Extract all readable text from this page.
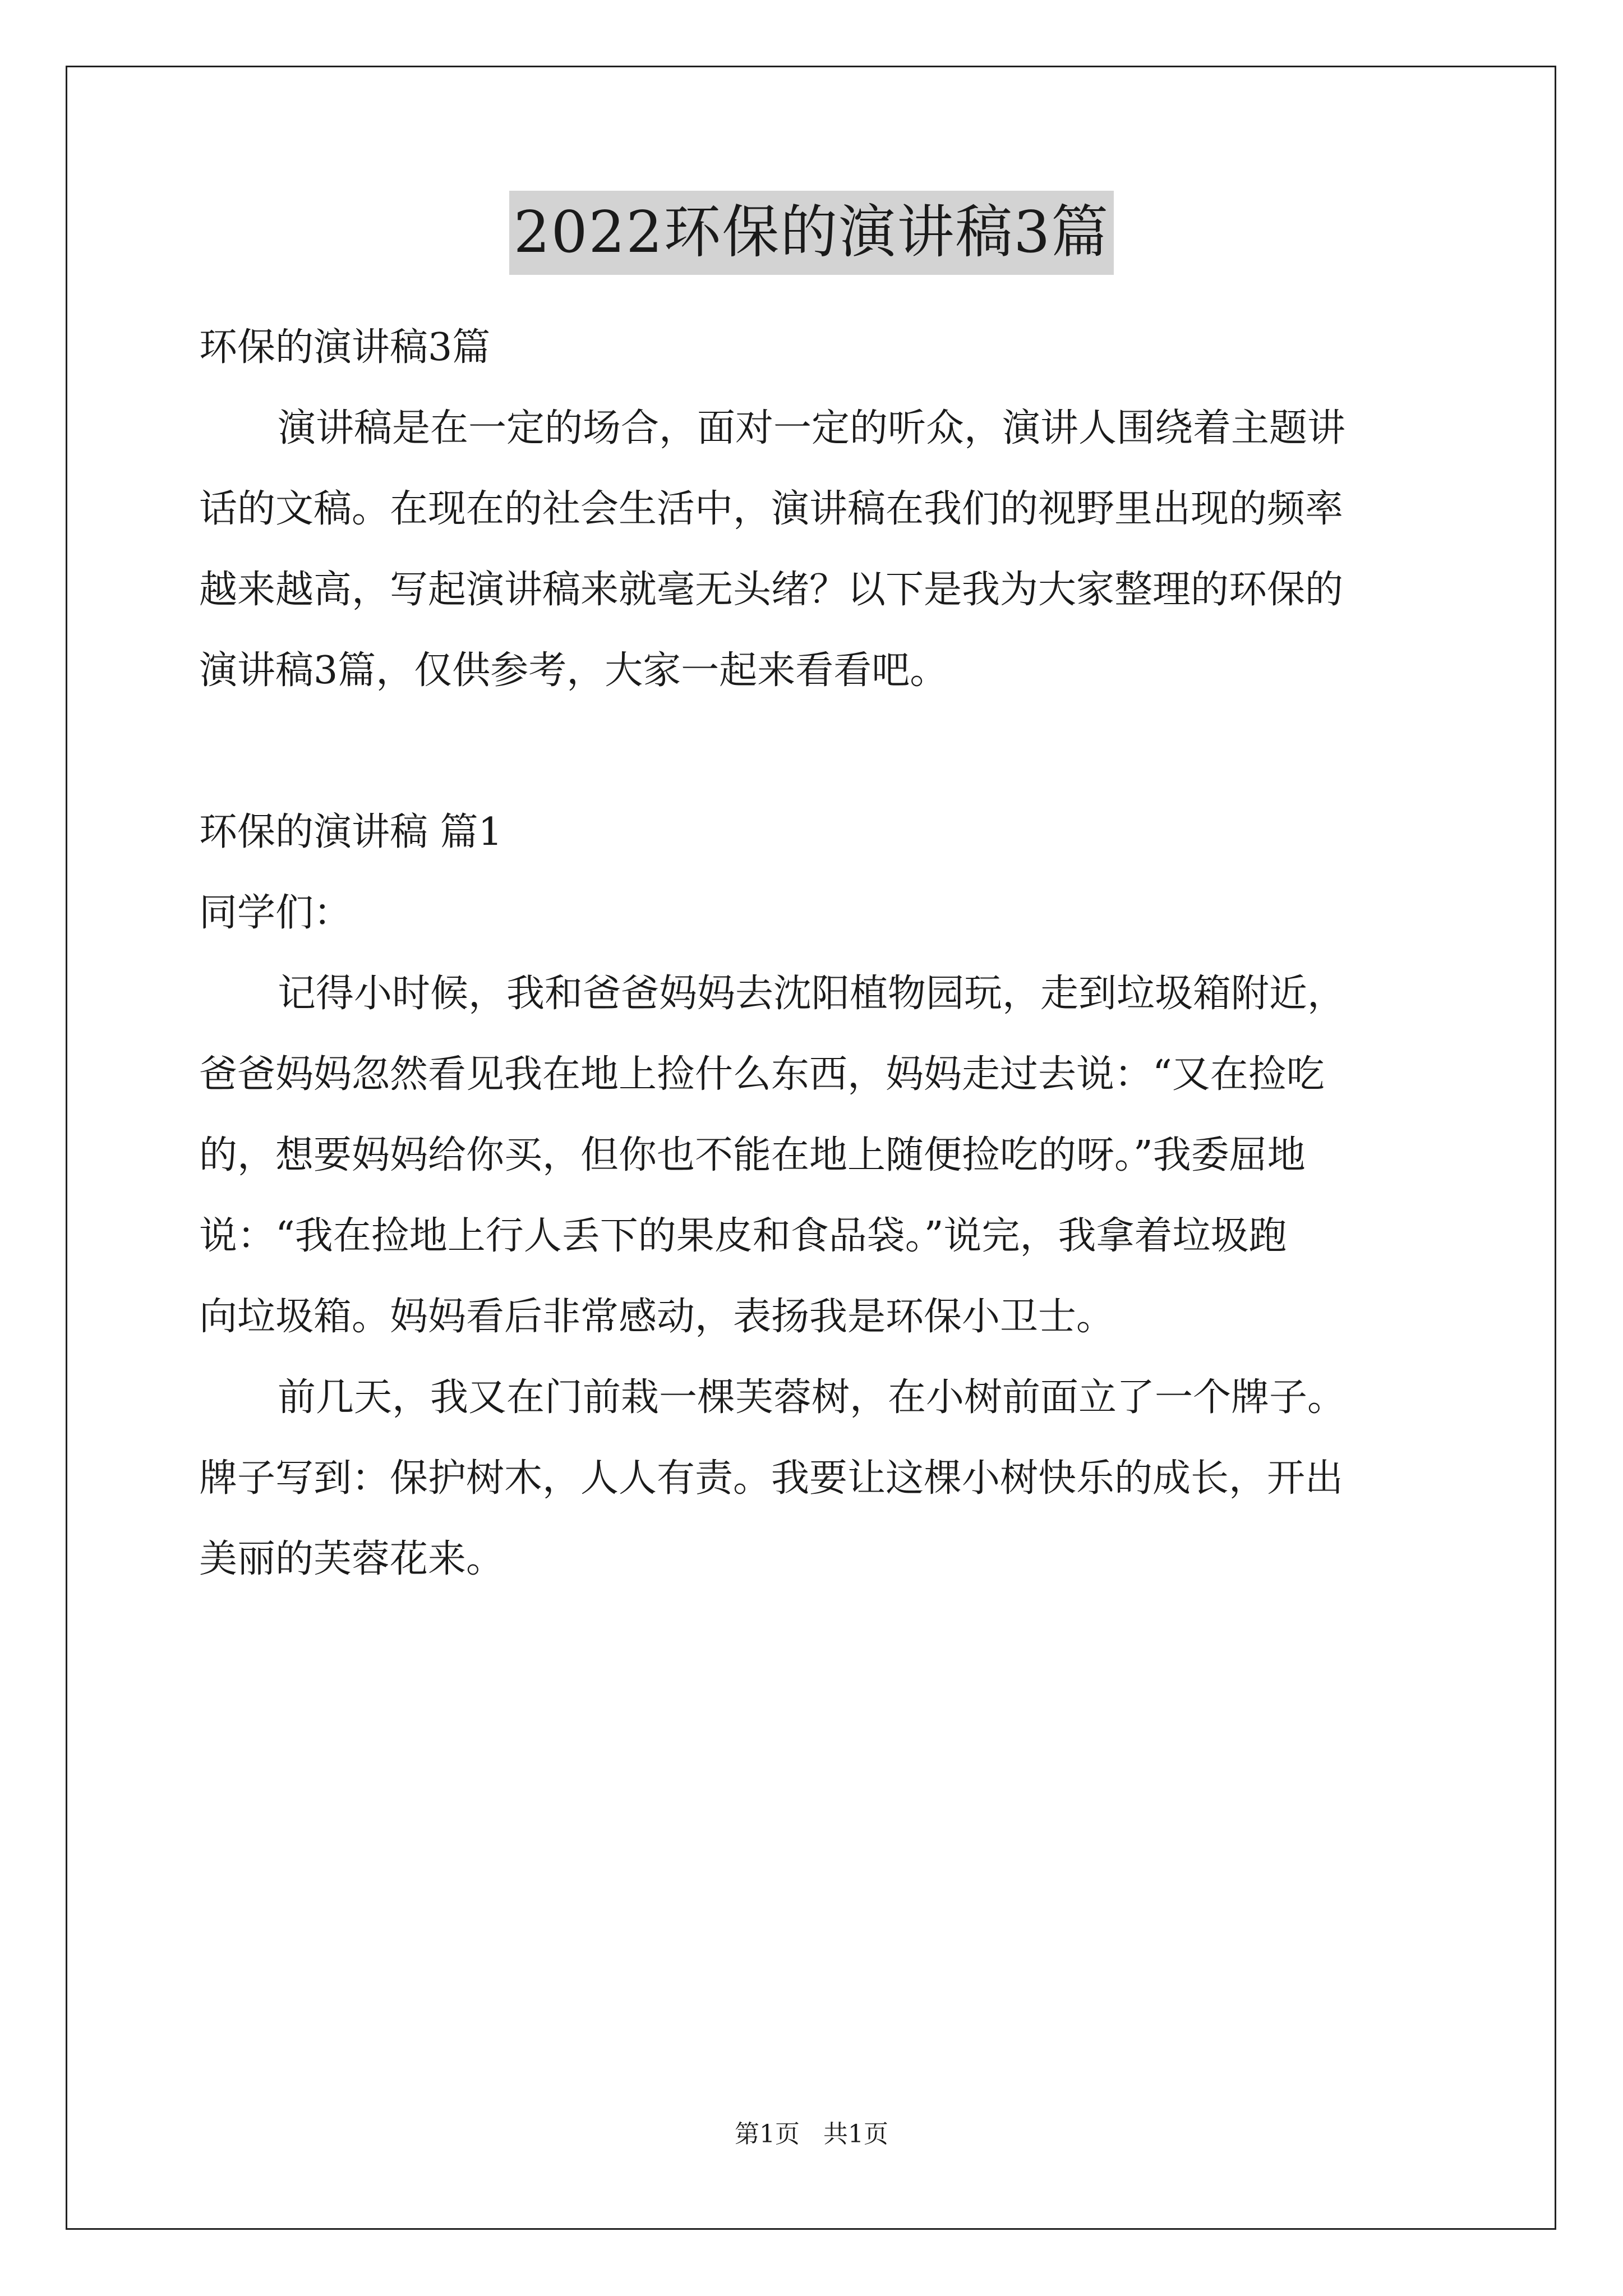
2022环保的演讲稿3篇
环保的演讲稿3篇
演讲稿是在一定的场合，面对一定的听众，演讲人围绕着主题讲
话的文稿。在现在的社会生活中，演讲稿在我们的视野里出现的频率
越来越高，写起演讲稿来就毫无头绪？以下是我为大家整理的环保的
演讲稿3篇，仅供参考，大家一起来看看吧。
环保的演讲稿 篇1
同学们：
记得小时候，我和爸爸妈妈去沈阳植物园玩，走到垃圾箱附近，
爸爸妈妈忽然看见我在地上捡什么东西，妈妈走过去说：“又在捡吃
的，想要妈妈给你买，但你也不能在地上随便捡吃的呀。”我委屈地
说：“我在捡地上行人丢下的果皮和食品袋。”说完，我拿着垃圾跑
向垃圾箱。妈妈看后非常感动，表扬我是环保小卫士。
前几天，我又在门前栽一棵芙蓉树，在小树前面立了一个牌子。
牌子写到：保护树木，人人有责。我要让这棵小树快乐的成长，开出
美丽的芙蓉花来。
第1页   共1页
